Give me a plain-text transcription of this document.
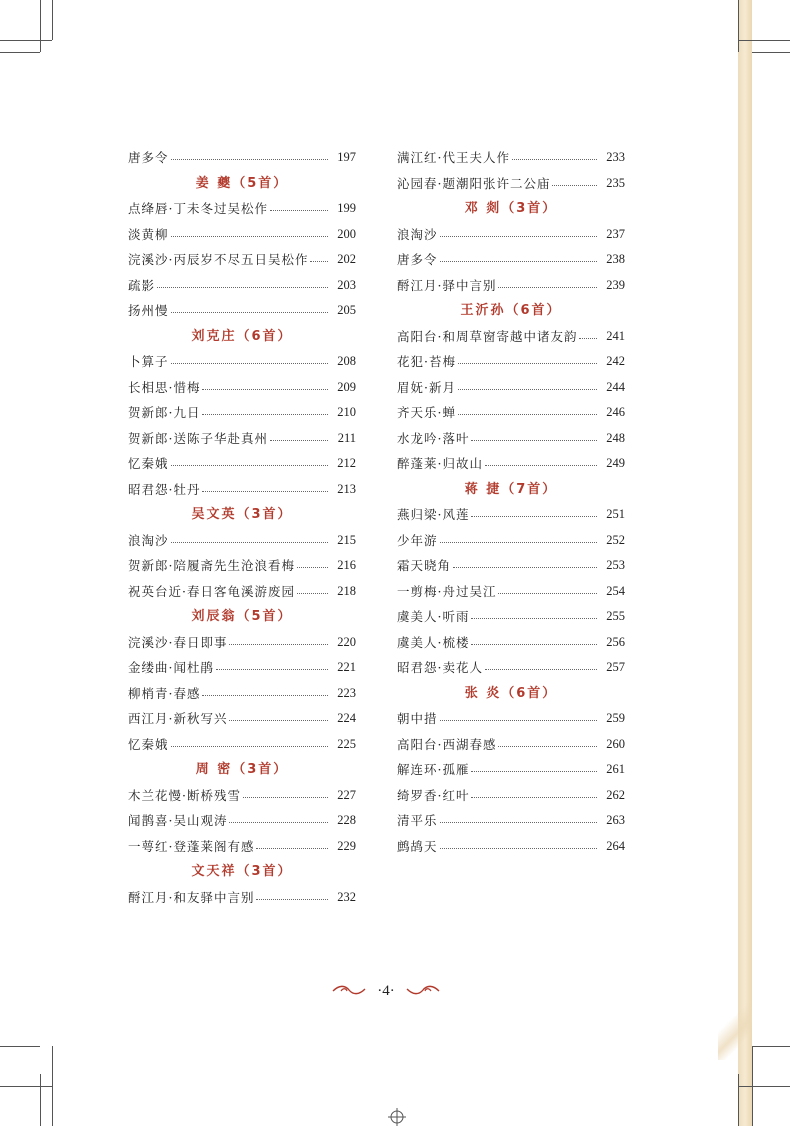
唐多令	197
姜 夔（5首）
点绛唇·丁未冬过吴松作	199
淡黄柳	200
浣溪沙·丙辰岁不尽五日吴松作	202
疏影	203
扬州慢	205
刘克庄（6首）
卜算子	208
长相思·惜梅	209
贺新郎·九日	210
贺新郎·送陈子华赴真州	211
忆秦娥	212
昭君怨·牡丹	213
吴文英（3首）
浪淘沙	215
贺新郎·陪履斋先生沧浪看梅	216
祝英台近·春日客龟溪游废园	218
刘辰翁（5首）
浣溪沙·春日即事	220
金缕曲·闻杜鹃	221
柳梢青·春感	223
西江月·新秋写兴	224
忆秦娥	225
周 密（3首）
木兰花慢·断桥残雪	227
闻鹊喜·吴山观涛	228
一萼红·登蓬莱阁有感	229
文天祥（3首）
酹江月·和友驿中言别	232
满江红·代王夫人作	233
沁园春·题潮阳张许二公庙	235
邓 剡（3首）
浪淘沙	237
唐多令	238
酹江月·驿中言别	239
王沂孙（6首）
高阳台·和周草窗寄越中诸友韵	241
花犯·苔梅	242
眉妩·新月	244
齐天乐·蝉	246
水龙吟·落叶	248
醉蓬莱·归故山	249
蒋 捷（7首）
燕归梁·风莲	251
少年游	252
霜天晓角	253
一剪梅·舟过吴江	254
虞美人·听雨	255
虞美人·梳楼	256
昭君怨·卖花人	257
张 炎（6首）
朝中措	259
高阳台·西湖春感	260
解连环·孤雁	261
绮罗香·红叶	262
清平乐	263
鹧鸪天	264
·4·
